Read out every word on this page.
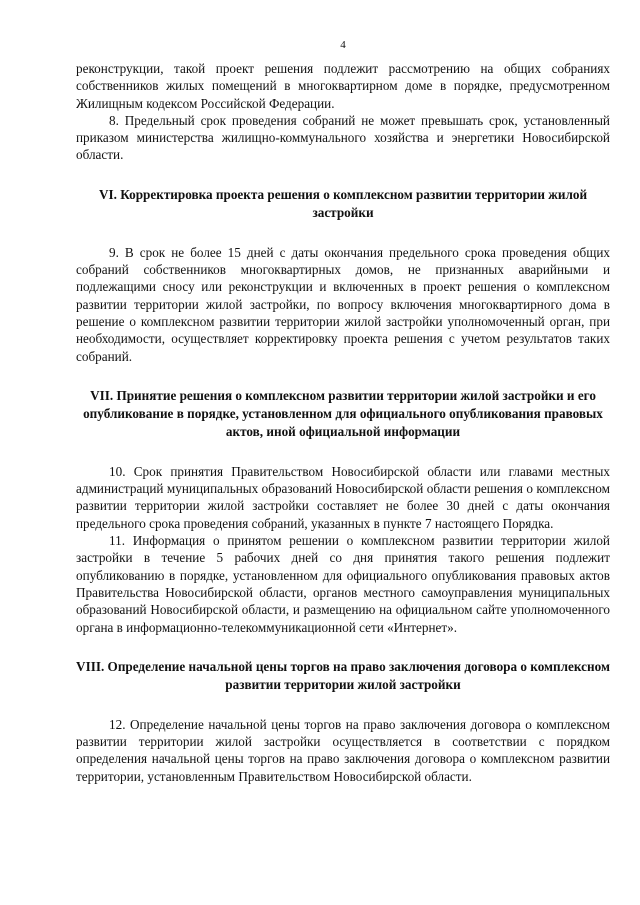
4

реконструкции, такой проект решения подлежит рассмотрению на общих собраниях собственников жилых помещений в многоквартирном доме в порядке, предусмотренном Жилищным кодексом Российской Федерации.

8. Предельный срок проведения собраний не может превышать срок, установленный приказом министерства жилищно-коммунального хозяйства и энергетики Новосибирской области.

VI. Корректировка проекта решения о комплексном развитии территории жилой застройки

9. В срок не более 15 дней с даты окончания предельного срока проведения общих собраний собственников многоквартирных домов, не признанных аварийными и подлежащими сносу или реконструкции и включенных в проект решения о комплексном развитии территории жилой застройки, по вопросу включения многоквартирного дома в решение о комплексном развитии территории жилой застройки уполномоченный орган, при необходимости, осуществляет корректировку проекта решения с учетом результатов таких собраний.

VII. Принятие решения о комплексном развитии территории жилой застройки и его опубликование в порядке, установленном для официального опубликования правовых актов, иной официальной информации

10. Срок принятия Правительством Новосибирской области или главами местных администраций муниципальных образований Новосибирской области решения о комплексном развитии территории жилой застройки составляет не более 30 дней с даты окончания предельного срока проведения собраний, указанных в пункте 7 настоящего Порядка.

11. Информация о принятом решении о комплексном развитии территории жилой застройки в течение 5 рабочих дней со дня принятия такого решения подлежит опубликованию в порядке, установленном для официального опубликования правовых актов Правительства Новосибирской области, органов местного самоуправления муниципальных образований Новосибирской области, и размещению на официальном сайте уполномоченного органа в информационно-телекоммуникационной сети «Интернет».

VIII. Определение начальной цены торгов на право заключения договора о комплексном развитии территории жилой застройки

12. Определение начальной цены торгов на право заключения договора о комплексном развитии территории жилой застройки осуществляется в соответствии с порядком определения начальной цены торгов на право заключения договора о комплексном развитии территории, установленным Правительством Новосибирской области.
